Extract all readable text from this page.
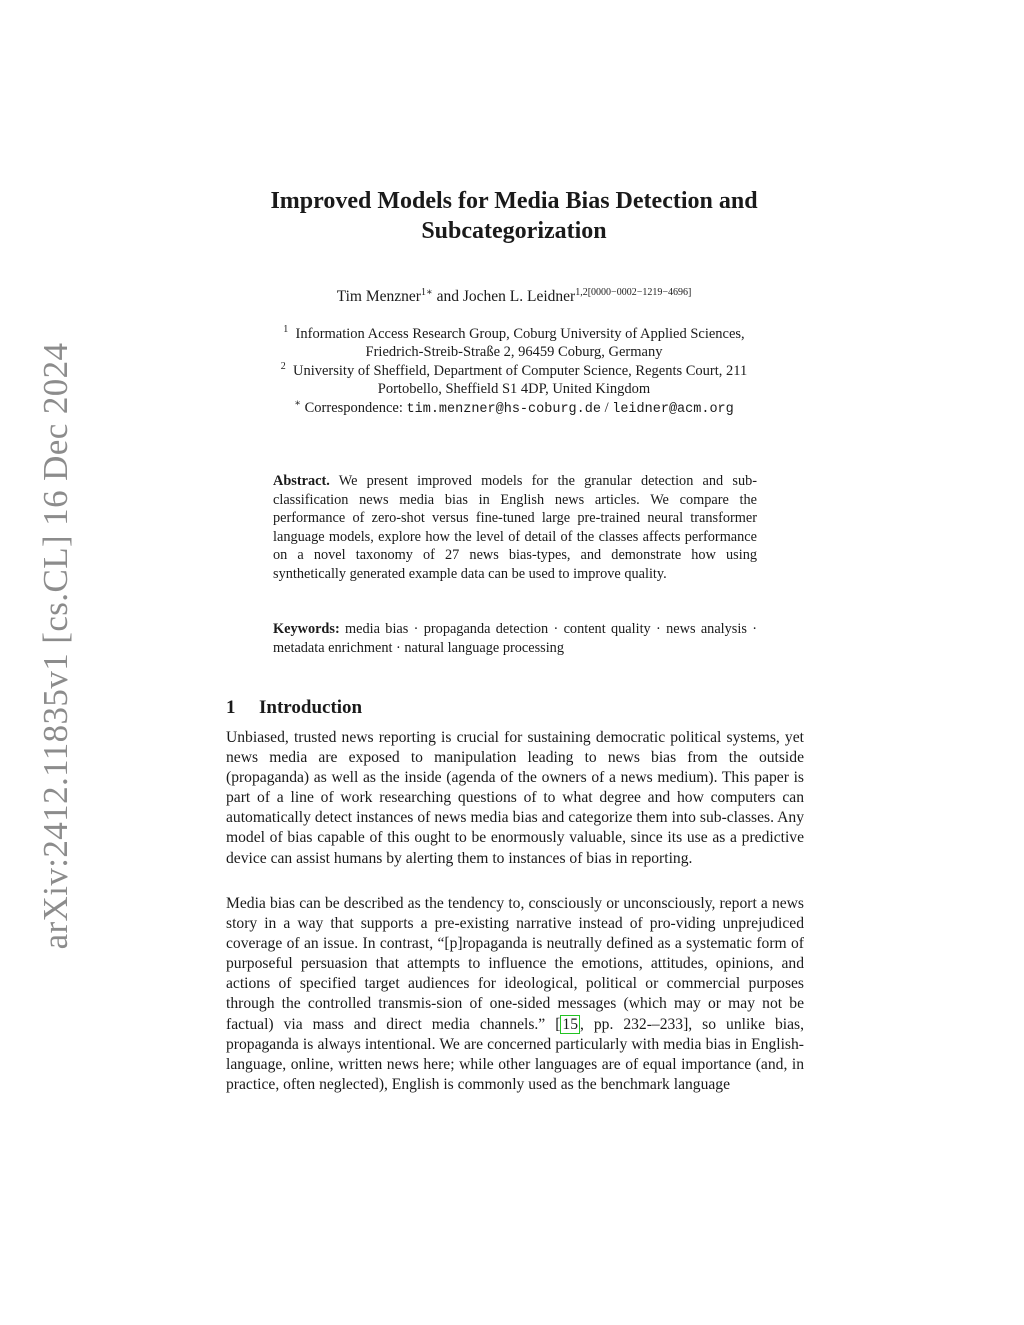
arXiv:2412.11835v1 [cs.CL] 16 Dec 2024
Improved Models for Media Bias Detection and Subcategorization
Tim Menzner$^{1∗}$ and Jochen L. Leidner$^{1,2[0000-0002-1219-4696]}$
$^1$ Information Access Research Group, Coburg University of Applied Sciences,
Friedrich-Streib-Straße 2, 96459 Coburg, Germany
$^2$ University of Sheffield, Department of Computer Science, Regents Court, 211
Portobello, Sheffield S1 4DP, United Kingdom
∗ Correspondence: tim.menzner@hs-coburg.de / leidner@acm.org
Abstract. We present improved models for the granular detection and sub-classification news media bias in English news articles. We compare the performance of zero-shot versus fine-tuned large pre-trained neural transformer language models, explore how the level of detail of the classes affects performance on a novel taxonomy of 27 news bias-types, and demonstrate how using synthetically generated example data can be used to improve quality.
Keywords: media bias · propaganda detection · content quality · news analysis · metadata enrichment · natural language processing
1 Introduction

Unbiased, trusted news reporting is crucial for sustaining democratic political systems, yet news media are exposed to manipulation leading to news bias from the outside (propaganda) as well as the inside (agenda of the owners of a news medium). This paper is part of a line of work researching questions of to what degree and how computers can automatically detect instances of news media bias and categorize them into sub-classes. Any model of bias capable of this ought to be enormously valuable, since its use as a predictive device can assist humans by alerting them to instances of bias in reporting.

Media bias can be described as the tendency to, consciously or unconsciously, report a news story in a way that supports a pre-existing narrative instead of pro-viding unprejudiced coverage of an issue. In contrast, “[p]ropaganda is neutrally defined as a systematic form of purposeful persuasion that attempts to influence the emotions, attitudes, opinions, and actions of specified target audiences for ideological, political or commercial purposes through the controlled transmis-sion of one-sided messages (which may or may not be factual) via mass and direct media channels.” [ 15 , pp. 232-–233], so unlike bias, propaganda is always intentional. We are concerned particularly with media bias in English-language, online, written news here; while other languages are of equal importance (and, in practice, often neglected), English is commonly used as the benchmark language
